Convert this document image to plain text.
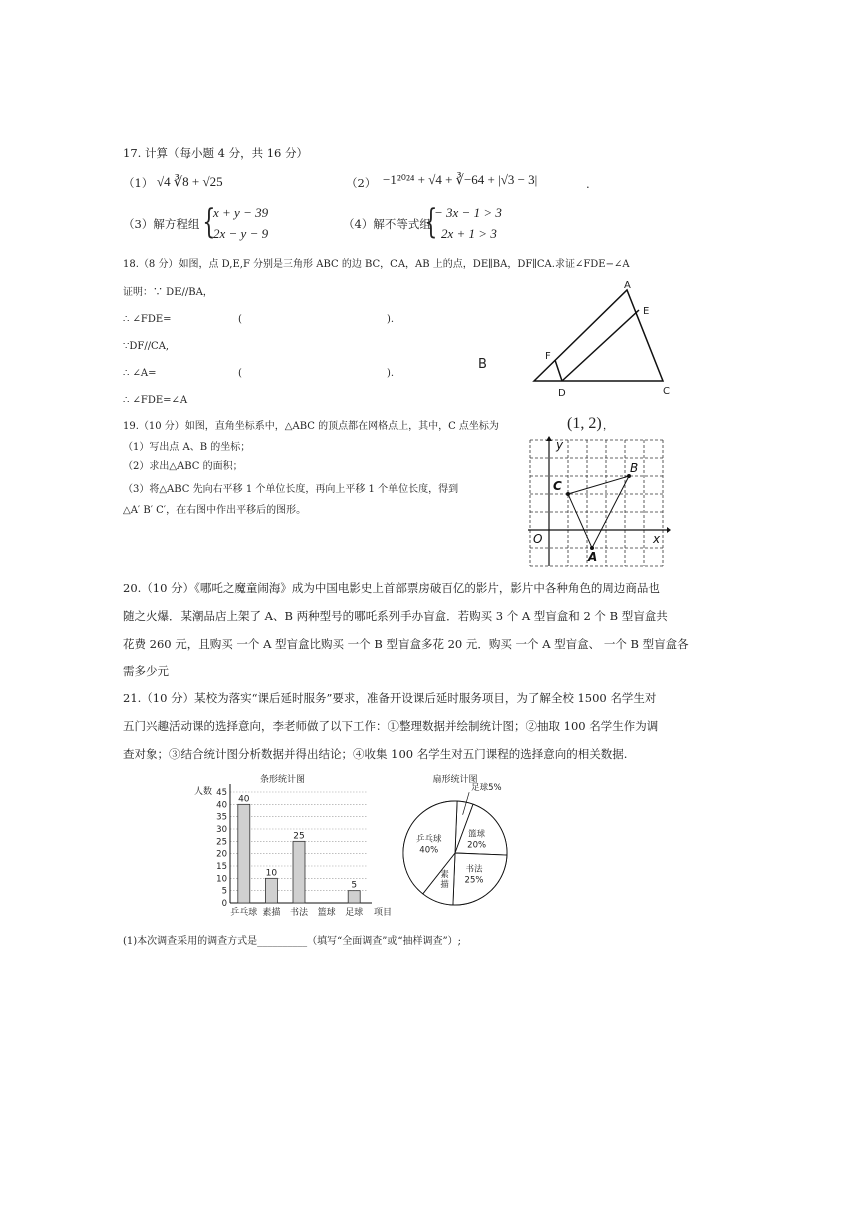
17. 计算（每小题 4 分，共 16 分）
（1） √4 ∛8 + √25	（2） −1²⁰²⁴ + √4 + ∛−64 + |√3 − 3|	.
（3）解方程组 {
x + y − 39
2x − y − 9
（4）解不等式组
{
− 3x − 1 > 3
2x + 1 > 3
18.（8 分）如图，点 D,E,F 分别是三角形 ABC 的边 BC，CA，AB 上的点，DE∥BA，DF∥CA.求证∠FDE−∠A
证明：∵ DE//BA，
∴ ∠FDE=	(	).
∵DF//CA,
∴ ∠A=	(	).
∴ ∠FDE=∠A
B
A
E
F
D	C
19.（10 分）如图，直角坐标系中，△ABC 的顶点都在网格点上，其中，C 点坐标为	(1, 2) ，
（1）写出点 A、B 的坐标；
（2）求出△ABC 的面积；
（3）将△ABC 先向右平移 1 个单位长度，再向上平移 1 个单位长度，得到
△A′ B′ C′，在右图中作出平移后的图形。
y
x
O
C
B
A
20.（10 分）《哪吒之魔童闹海》成为中国电影史上首部票房破百亿的影片，影片中各种角色的周边商品也
随之火爆．某潮品店上架了 A、B 两种型号的哪吒系列手办盲盒．若购买 3 个 A 型盲盒和 2 个 B 型盲盒共
花费 260 元，且购买 一个 A 型盲盒比购买 一个 B 型盲盒多花 20 元．购买 一个 A 型盲盒、 一个 B 型盲盒各
需多少元
21.（10 分）某校为落实“课后延时服务”要求，准备开设课后延时服务项目，为了解全校 1500 名学生对
五门兴趣活动课的选择意向，李老师做了以下工作：①整理数据并绘制统计图；②抽取 100 名学生作为调
查对象；③结合统计图分析数据并得出结论；④收集 100 名学生对五门课程的选择意向的相关数据.
条形统计图
人数
0
5
10
15
20
25
30
35
40
45
项目
乒乓球
40
素描
10
书法
25
篮球 足球
5
扇形统计图
足球5%
篮球
20%
书法
25%
素
描
乒乓球
40%
(1)本次调查采用的调查方式是__________（填写“全面调查”或“抽样调查”）;
